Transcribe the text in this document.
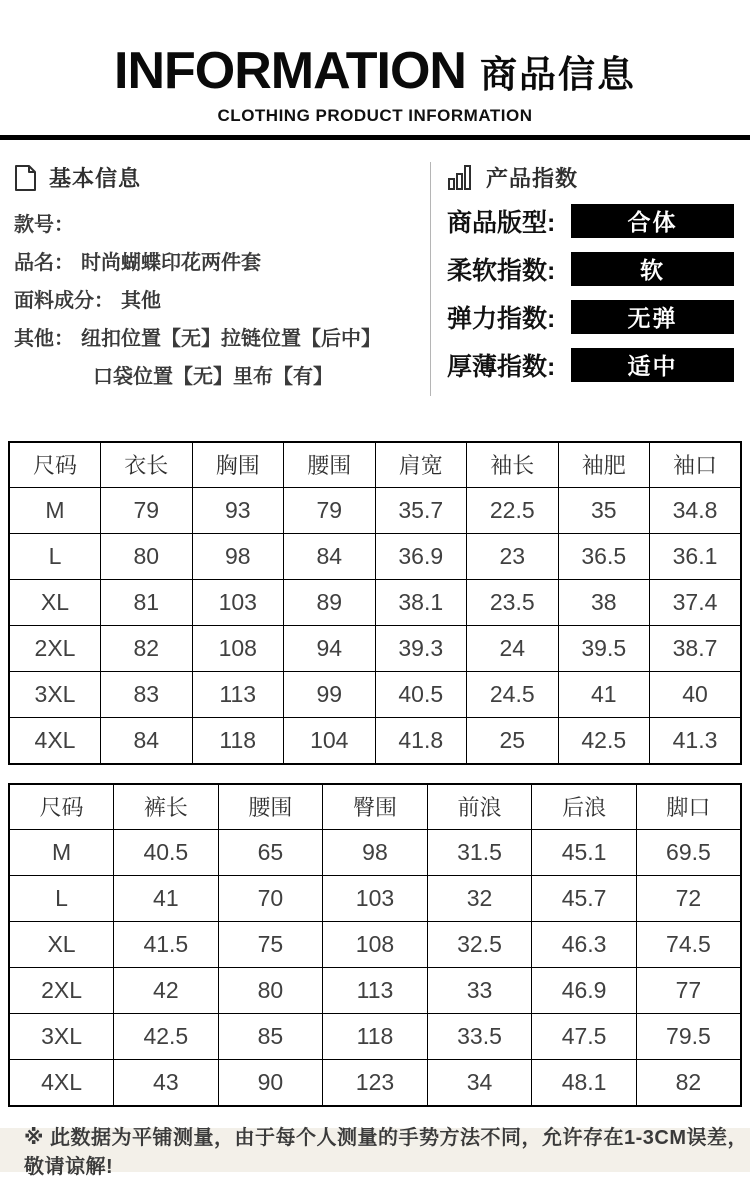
INFORMATION 商品信息
CLOTHING PRODUCT INFORMATION
基本信息
款号：
品名： 时尚蝴蝶印花两件套
面料成分： 其他
其他： 纽扣位置【无】拉链位置【后中】
口袋位置【无】里布【有】
产品指数
商品版型:	合体
柔软指数:	软
弹力指数:	无弹
厚薄指数:	适中
尺码	衣长	胸围	腰围	肩宽	袖长	袖肥	袖口
M	79	93	79	35.7	22.5	35	34.8
L	80	98	84	36.9	23	36.5	36.1
XL	81	103	89	38.1	23.5	38	37.4
2XL	82	108	94	39.3	24	39.5	38.7
3XL	83	113	99	40.5	24.5	41	40
4XL	84	118	104	41.8	25	42.5	41.3
尺码	裤长	腰围	臀围	前浪	后浪	脚口
M	40.5	65	98	31.5	45.1	69.5
L	41	70	103	32	45.7	72
XL	41.5	75	108	32.5	46.3	74.5
2XL	42	80	113	33	46.9	77
3XL	42.5	85	118	33.5	47.5	79.5
4XL	43	90	123	34	48.1	82
※ 此数据为平铺测量，由于每个人测量的手势方法不同，允许存在1-3CM误差，敬请谅解!
